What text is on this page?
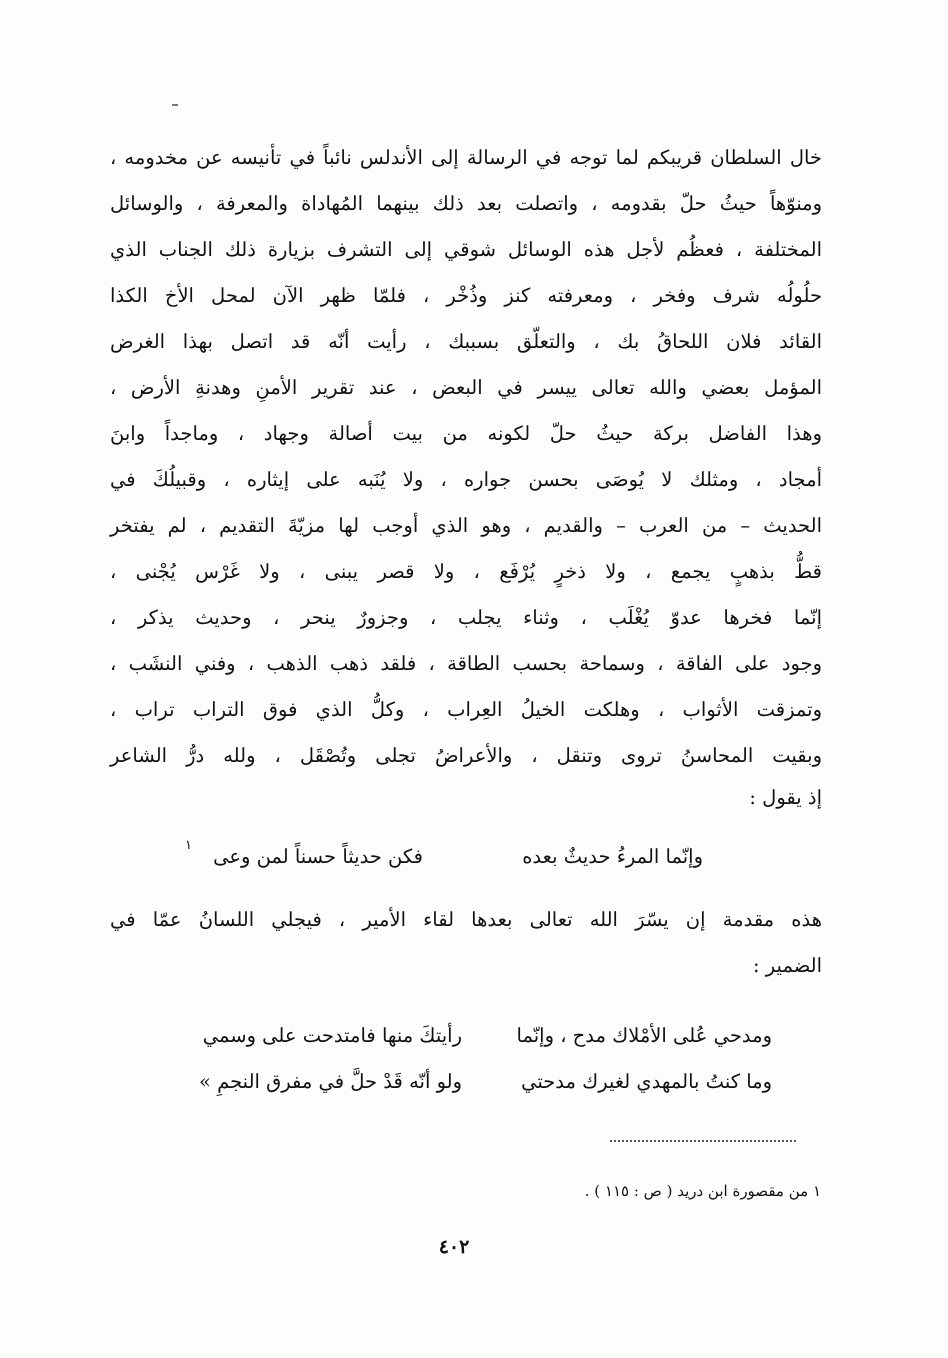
خال السلطان قريبكم لما توجه في الرسالة إلى الأندلس نائباً في تأنيسه عن مخدومه ،
ومنوّهاً حيثُ حلّ بقدومه ، واتصلت بعد ذلك بينهما المُهاداة والمعرفة ، والوسائل
المختلفة ، فعظُم لأجل هذه الوسائل شوقي إلى التشرف بزيارة ذلك الجناب الذي
حلُولُه شرف وفخر ، ومعرفته كنز وذُخْر ، فلمّا ظهر الآن لمحل الأخ الكذا
القائد فلان اللحاقُ بك ، والتعلّق بسببك ، رأيت أنّه قد اتصل بهذا الغرض
المؤمل بعضي والله تعالى ييسر في البعض ، عند تقرير الأمنِ وهدنةِ الأرض ،
وهذا الفاضل بركة حيثُ حلّ لكونه من بيت أصالة وجهاد ، وماجداً وابنَ
أمجاد ، ومثلك لا يُوصَى بحسن جواره ، ولا يُنَبه على إيثاره ، وقبيلُكَ في
الحديث – من العرب – والقديم ، وهو الذي أوجب لها مزيّةَ التقديم ، لم يفتخر
قطُّ بذهبٍ يجمع ، ولا ذخرٍ يُرْفَع ، ولا قصر يبنى ، ولا غَرْس يُجْنى ،
إنّما فخرها عدوّ يُغْلَب ، وثناء يجلب ، وجزورٌ ينحر ، وحديث يذكر ،
وجود على الفاقة ، وسماحة بحسب الطاقة ، فلقد ذهب الذهب ، وفني النشَب ،
وتمزقت الأثواب ، وهلكت الخيلُ العِراب ، وكلُّ الذي فوق التراب تراب ،
وبقيت المحاسنُ تروى وتنقل ، والأعراضُ تجلى وتُصْقَل ، ولله درُّ الشاعر
إذ يقول :
وإنّما المرءُ حديثٌ بعده
فكن حديثاً حسناً لمن وعى
١
هذه مقدمة إن يسّرَ الله تعالى بعدها لقاء الأمير ، فيجلي اللسانُ عمّا في
الضمير :
ومدحي عُلى الأمْلاك مدح ، وإنّما
رأيتكَ منها فامتدحت على وسمي
وما كنتُ بالمهدي لغيرك مدحتي
ولو أنّه قَدْ حلَّ في مفرق النجمِ »
١ من مقصورة ابن دريد ( ص : ١١٥ ) .
٤٠٢
